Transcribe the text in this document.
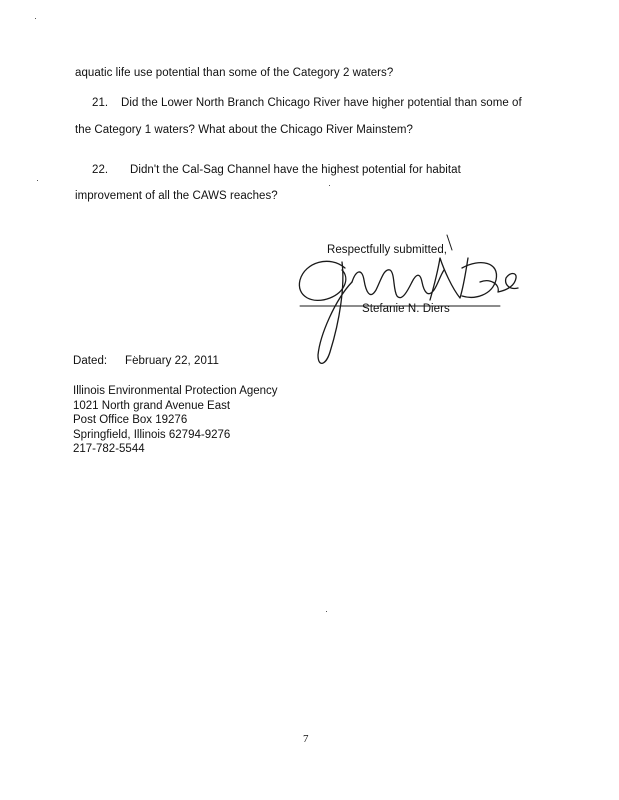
aquatic life use potential than some of the Category 2 waters?
21. Did the Lower North Branch Chicago River have higher potential than some of
the Category 1 waters? What about the Chicago River Mainstem?
22. Didn't the Cal-Sag Channel have the highest potential for habitat
improvement of all the CAWS reaches?
Respectfully submitted,
Stefanie N. Diers
Dated: February 22, 2011
Illinois Environmental Protection Agency
1021 North grand Avenue East
Post Office Box 19276
Springfield, Illinois 62794-9276
217-782-5544
7
